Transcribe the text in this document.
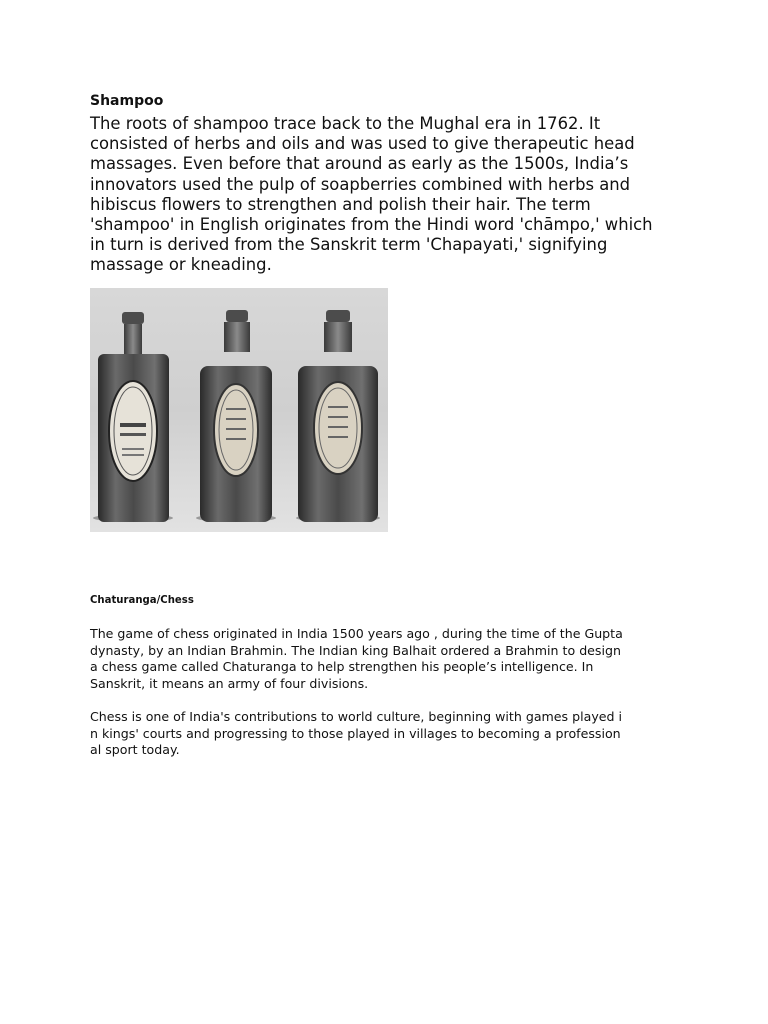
Shampoo

The roots of shampoo trace back to the Mughal era in 1762. It
consisted of herbs and oils and was used to give therapeutic head
massages. Even before that around as early as the 1500s, India’s
innovators used the pulp of soapberries combined with herbs and
hibiscus flowers to strengthen and polish their hair. The term
'shampoo' in English originates from the Hindi word 'chāmpo,' which
in turn is derived from the Sanskrit term 'Chapayati,' signifying
massage or kneading.

Chaturanga/Chess

The game of chess originated in India 1500 years ago , during the time of the Gupta
dynasty, by an Indian Brahmin. The Indian king Balhait ordered a Brahmin to design
a chess game called Chaturanga to help strengthen his people’s intelligence. In
Sanskrit, it means an army of four divisions.

Chess is one of India's contributions to world culture, beginning with games played i
n kings' courts and progressing to those played in villages to becoming a profession
al sport today.
